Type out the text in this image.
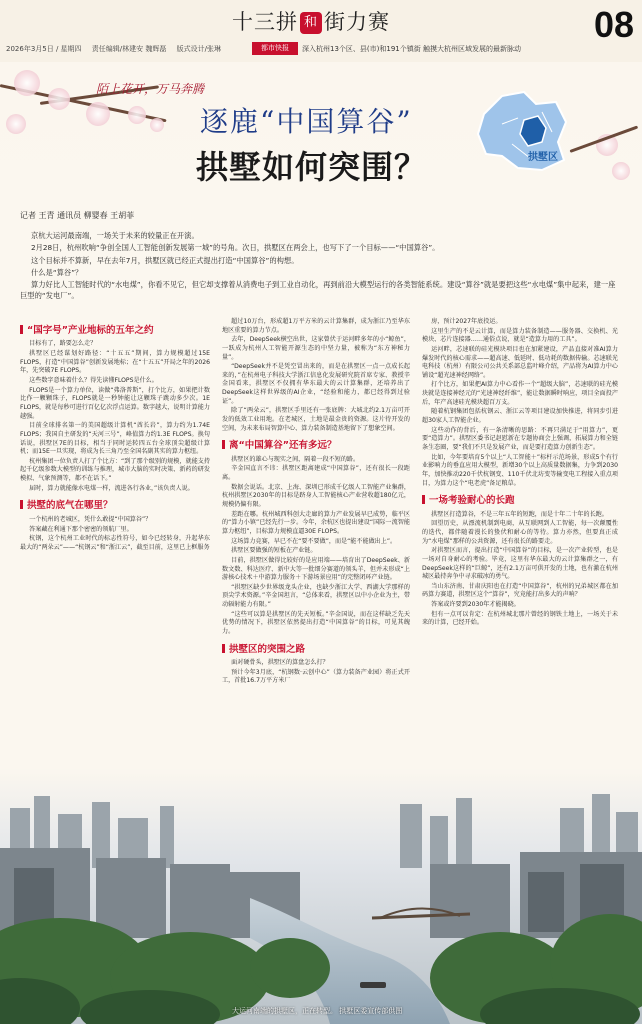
十三拼 和 街力赛	08
2026年3月5日 / 星期四 责任编辑/林建安 魏辉磊 版式设计/张琳	都市快报	深入杭州13个区、县(市)和191个镇街 触摸大杭州区域发展的最新脉动
陌上花开，万马奔腾
逐鹿“中国算谷”
拱墅如何突围？	拱墅区
记者 王青 通讯员 柳婴春 王胡菲

京杭大运河最南端，一场关于未来的较量正在开演。

2月28日，杭州吹响“争创全国人工智能创新发展第一城”的号角。次日，拱墅区在两会上，也写下了一个目标——“中国算谷”。

这个目标并不算新，早在去年7月，拱墅区就已经正式提出打造“中国算谷”的构想。

什么是“算谷”？

算力好比人工智能时代的“水电煤”，你看不见它，但它却支撑着从消费电子到工业自动化，再到前沿大模型运行的各类智能系统。建设“算谷”就是要把这些“水电煤”集中起来，建一座巨型的“发电厂”。

“国字号”产业地标的五年之约

目标有了，路要怎么走？

拱墅区已经谋划好路径：“十五五”期间，算力规模超过15E FLOPS，打造“中国算谷”创新发展地标；在“十五五”开局之年的2026年，先突破7E FLOPS。

这些数字意味着什么？得先读懂FLOPS是什么。

FLOPS是一个算力单位，读做“弗洛普斯”，打个比方，如果把计数比作一颗颗珠子，FLOPS就是一秒钟能让这颗珠子跳动多少次。1E FLOPS，就是每秒可进行百亿亿次浮点运算。数字越大，说明计算能力越强。

目前全球排名第一的美国超级计算机“酋长岩”，算力约为1.74E FLOPS；我国自主研发的“天河三号”，峰值算力约1.3E FLOPS。换句话说，拱墅区7E的目标，相当于同时运转四五台全球顶尖超级计算机；而15E一旦实现，将成为长三角乃至全国名副其实的算力枢纽。

杭州集团一位负责人打了个比方：“到了那个级别的规模，就能支持起千亿级参数大模型的训练与推理，城市大脑的实时决策、新药的研发模拟、气象预测等，都不在话下。”

届时，算力就能像水电煤一样，流进各行各业，”该负责人说。

拱墅的底气在哪里？

一个杭州的老城区，凭什么敢提“中国算谷”？

答案藏在利通下那个密密的领航厂里。

杭钢，这个杭州工业时代的标志性符号，如今已经转身，升起华东最大的“两朵云”——“杭钢云”和“浙江云”，截至目前，这里已上框服务

超过10万台，形成超1万平方米的云计算集群，成为浙江乃至华东地区重要的算力节点。

去年，DeepSeek横空出世，这家曾伏于运河畔多年的小“鲸鱼”，一跃成为杭州人工智能开源生态的中坚力量，被称为“东方神秘力量”。

“DeepSeek并不是凭空冒出来的，而是在拱墅区一点一点成长起来的，”在杭州电子科技大学浙江信息化发展研究院首席专家、教授辛金国看来，拱墅区不仅拥有华东最大的云计算集群，还培养出了DeepSeek这样世界级的AI企业，“经验和能力，都已经得到过验证”。

除了“两朵云”，拱墅区手里还有一张底牌：大城北约2.1万亩可开发的低效工业用地。在老城区，土地是最金贵的资源。这片待开发的空间，为未来布局智算中心、算力装备制造基地留下了想象空间。

离“中国算谷”还有多远？

拱墅区的雄心与现实之间，隔着一段不短的路。

辛金国直言不讳：拱墅区距离建成“中国算谷”，还有很长一段距离。

数据会说话。北京、上海、深圳已形成千亿级人工智能产业集群，杭州拱墅区2030年的目标是跻身人工智能核心产业营收超180亿元，规模仍偏有限。

差距在哪。杭州城西科创大走廊的算力产业发展早已成势，临平区的“算力小镇”已经先行一步。今年，余杭区也提出建设“国际一流智能算力枢纽”，目标算力规模直逼30E FLOPS。

这场算力竞赛，早已不在“要不要做”，而是“能不能做出上”。

拱墅区要做强的短板在产业链。

目前，拱墅区做得比较好的是应用端——培育出了DeepSeek、新数文数、科达医疗、新中大等一批细分赛道的领头羊，但并未形成“上游核心技术＋中游算力服务＋下游场景应用”的完整闭环产业链。

“拱墅区缺少世界级龙头企业，也缺少浙江大学、西湖大学那样的顶尖学术资源。”辛金国坦言，“总体来看，拱墅区以中小企业为主，带动辐射能力有限。”

“这些可以算是拱墅区的先天短板。”辛金国说，而在这样缺乏先天优势的情况下，拱墅区依然提出打造“中国算谷”的目标，可见其魄力。

拱墅区的突围之路

面对硬骨头，拱墅区的算盘怎么打？

预计今年3月底，“杭钢数·云创中心”（算力装备产业园）将正式开工，首批16.7万平方米厂

房，预计2027年底投运。

这里生产的不是云计算，而是算力装备制造——服务器、交换机、光模块、芯片连接器……通俗点说，就是“造算力用的工具”。

运河畔，芯速联的硅光模块项目也在加紧建设，产品直接对准AI算力爆发时代的核心需求——超高速、低延时、低功耗的数据传输。芯速联光电科技（杭州）有限公司公共关系部总监叶峰介绍，产品将为AI算力中心铺设“超光速神经网络”。

打个比方，如果把AI算力中心看作一个“超级大脑”，芯速联的硅光模块就是连接神经元的“光速神经纤维”，能让数据瞬时响应，项目全面投产后，年产高速硅光模块超百万支。

随着杭钢集团包括杭钢云、浙江云等项目建设加快推进，将同步引进超30家人工智能企业。

这些动作的背后，有一条清晰的思路：不再只满足于“用算力”，更要“造算力”。拱墅区委书记赵慰新在专题协商会上强调，拓展算力和全链条生态圈，要“我们不只是发展产业，而是要打造算力创新生态”。

比如，今年要培育5个以上“人工智能＋”标杆示范场景，形成5个有行业影响力的垂直应用大模型，新增30个以上高质量数据集，力争到2030年，加快推动220千伏杭钢变、110千伏北坊变等输变电工程接入重点项目，为算力这个“电老虎”备足粮草。

一场考验耐心的长跑

拱墅区打造算谷，不是三年五年的短跑，而是十年二十年的长跑。

回望历史，从漂流机制到电商，从互联网到人工智能，每一次颠覆性的迭代，都伴随着漫长的蛰伏和耐心的等待。算力亦然，但要真正成为“水电煤”那样的公共资源，还有很长的路要走。

对拱墅区而言，提出打造“中国算谷”的目标，是一次产业转型，也是一场对自身耐心的考验。毕竟，这里有华东最大的云计算集群之一，有DeepSeek这样的“巨鲸”，还有2.1万亩可供开发的土地，也有激在杭州城区最持奔争中寻求破冰的勇气。

当山东济南、甘肃庆阳也在打造“中国算谷”，杭州的兄弟城区都在加码算力赛道，拱墅区这个“算谷”，究竟能打出多大的声响？

答案或许要到2030年才能揭晓。

但有一点可以肯定：在杭州城北那片曾经的钢铁土地上，一场关于未来的计算，已经开始。

大运河南端的拱墅区，正在转型。 拱墅区委宣传部供图
